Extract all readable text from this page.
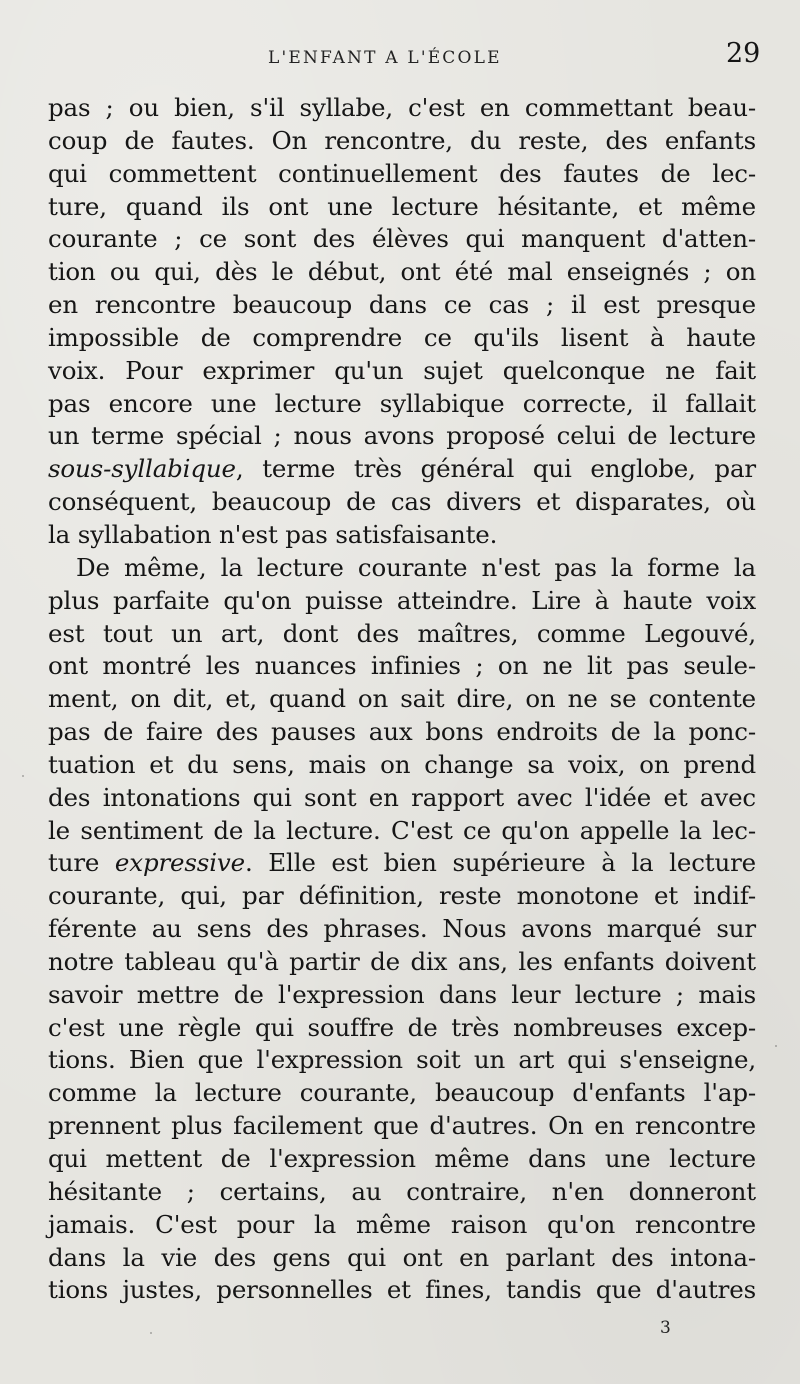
L'ENFANT A L'ÉCOLE	29
pas ; ou bien, s'il syllabe, c'est en commettant beau-
coup de fautes. On rencontre, du reste, des enfants
qui commettent continuellement des fautes de lec-
ture, quand ils ont une lecture hésitante, et même
courante ; ce sont des élèves qui manquent d'atten-
tion ou qui, dès le début, ont été mal enseignés ; on
en rencontre beaucoup dans ce cas ; il est presque
impossible de comprendre ce qu'ils lisent à haute
voix. Pour exprimer qu'un sujet quelconque ne fait
pas encore une lecture syllabique correcte, il fallait
un terme spécial ; nous avons proposé celui de lecture
sous-syllabique, terme très général qui englobe, par
conséquent, beaucoup de cas divers et disparates, où
la syllabation n'est pas satisfaisante.
De même, la lecture courante n'est pas la forme la
plus parfaite qu'on puisse atteindre. Lire à haute voix
est tout un art, dont des maîtres, comme Legouvé,
ont montré les nuances infinies ; on ne lit pas seule-
ment, on dit, et, quand on sait dire, on ne se contente
pas de faire des pauses aux bons endroits de la ponc-
tuation et du sens, mais on change sa voix, on prend
des intonations qui sont en rapport avec l'idée et avec
le sentiment de la lecture. C'est ce qu'on appelle la lec-
ture expressive. Elle est bien supérieure à la lecture
courante, qui, par définition, reste monotone et indif-
férente au sens des phrases. Nous avons marqué sur
notre tableau qu'à partir de dix ans, les enfants doivent
savoir mettre de l'expression dans leur lecture ; mais
c'est une règle qui souffre de très nombreuses excep-
tions. Bien que l'expression soit un art qui s'enseigne,
comme la lecture courante, beaucoup d'enfants l'ap-
prennent plus facilement que d'autres. On en rencontre
qui mettent de l'expression même dans une lecture
hésitante ; certains, au contraire, n'en donneront
jamais. C'est pour la même raison qu'on rencontre
dans la vie des gens qui ont en parlant des intona-
tions justes, personnelles et fines, tandis que d'autres
3
